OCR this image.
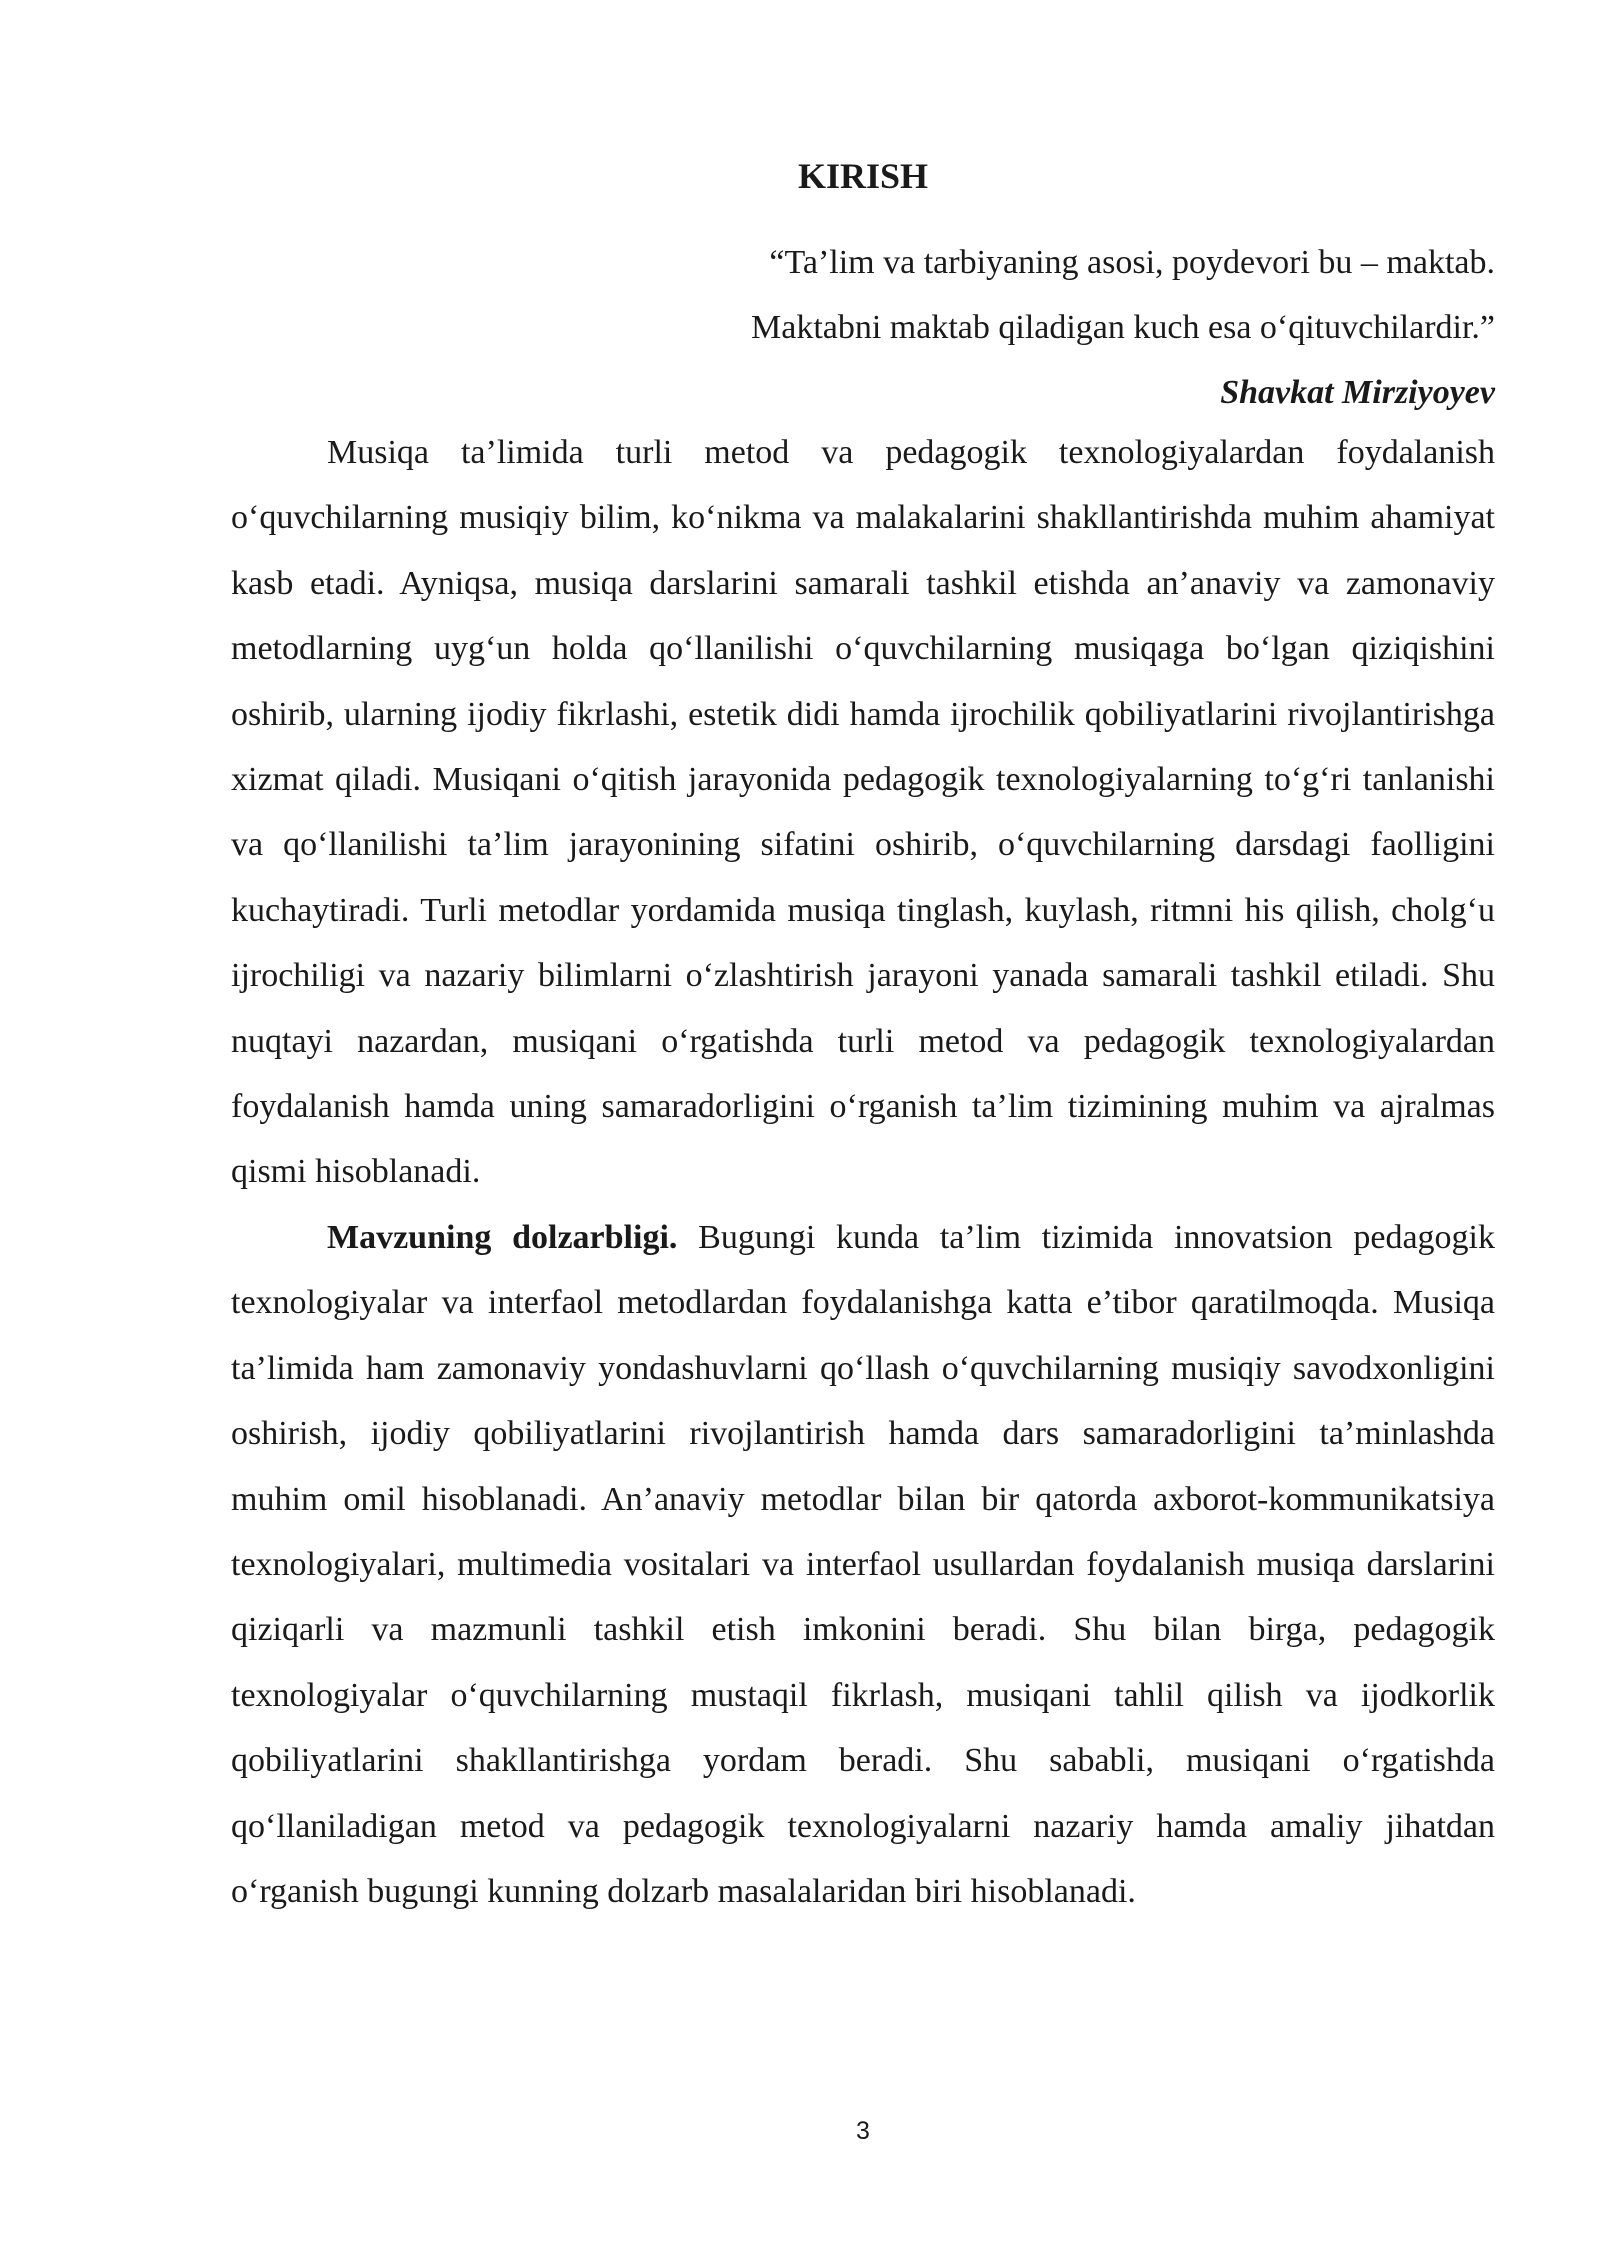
KIRISH
“Ta’lim va tarbiyaning asosi, poydevori bu – maktab.
Maktabni maktab qiladigan kuch esa o‘qituvchilardir.”
Shavkat Mirziyoyev

Musiqa ta’limida turli metod va pedagogik texnologiyalardan foydalanish o‘quvchilarning musiqiy bilim, ko‘nikma va malakalarini shakllantirishda muhim ahamiyat kasb etadi. Ayniqsa, musiqa darslarini samarali tashkil etishda an’anaviy va zamonaviy metodlarning uyg‘un holda qo‘llanilishi o‘quvchilarning musiqaga bo‘lgan qiziqishini oshirib, ularning ijodiy fikrlashi, estetik didi hamda ijrochilik qobiliyatlarini rivojlantirishga xizmat qiladi. Musiqani o‘qitish jarayonida pedagogik texnologiyalarning to‘g‘ri tanlanishi va qo‘llanilishi ta’lim jarayonining sifatini oshirib, o‘quvchilarning darsdagi faolligini kuchaytiradi. Turli metodlar yordamida musiqa tinglash, kuylash, ritmni his qilish, cholg‘u ijrochiligi va nazariy bilimlarni o‘zlashtirish jarayoni yanada samarali tashkil etiladi. Shu nuqtayi nazardan, musiqani o‘rgatishda turli metod va pedagogik texnologiyalardan foydalanish hamda uning samaradorligini o‘rganish ta’lim tizimining muhim va ajralmas qismi hisoblanadi.

Mavzuning dolzarbligi. Bugungi kunda ta’lim tizimida innovatsion pedagogik texnologiyalar va interfaol metodlardan foydalanishga katta e’tibor qaratilmoqda. Musiqa ta’limida ham zamonaviy yondashuvlarni qo‘llash o‘quvchilarning musiqiy savodxonligini oshirish, ijodiy qobiliyatlarini rivojlantirish hamda dars samaradorligini ta’minlashda muhim omil hisoblanadi. An’anaviy metodlar bilan bir qatorda axborot-kommunikatsiya texnologiyalari, multimedia vositalari va interfaol usullardan foydalanish musiqa darslarini qiziqarli va mazmunli tashkil etish imkonini beradi. Shu bilan birga, pedagogik texnologiyalar o‘quvchilarning mustaqil fikrlash, musiqani tahlil qilish va ijodkorlik qobiliyatlarini shakllantirishga yordam beradi. Shu sababli, musiqani o‘rgatishda qo‘llaniladigan metod va pedagogik texnologiyalarni nazariy hamda amaliy jihatdan o‘rganish bugungi kunning dolzarb masalalaridan biri hisoblanadi.

3
